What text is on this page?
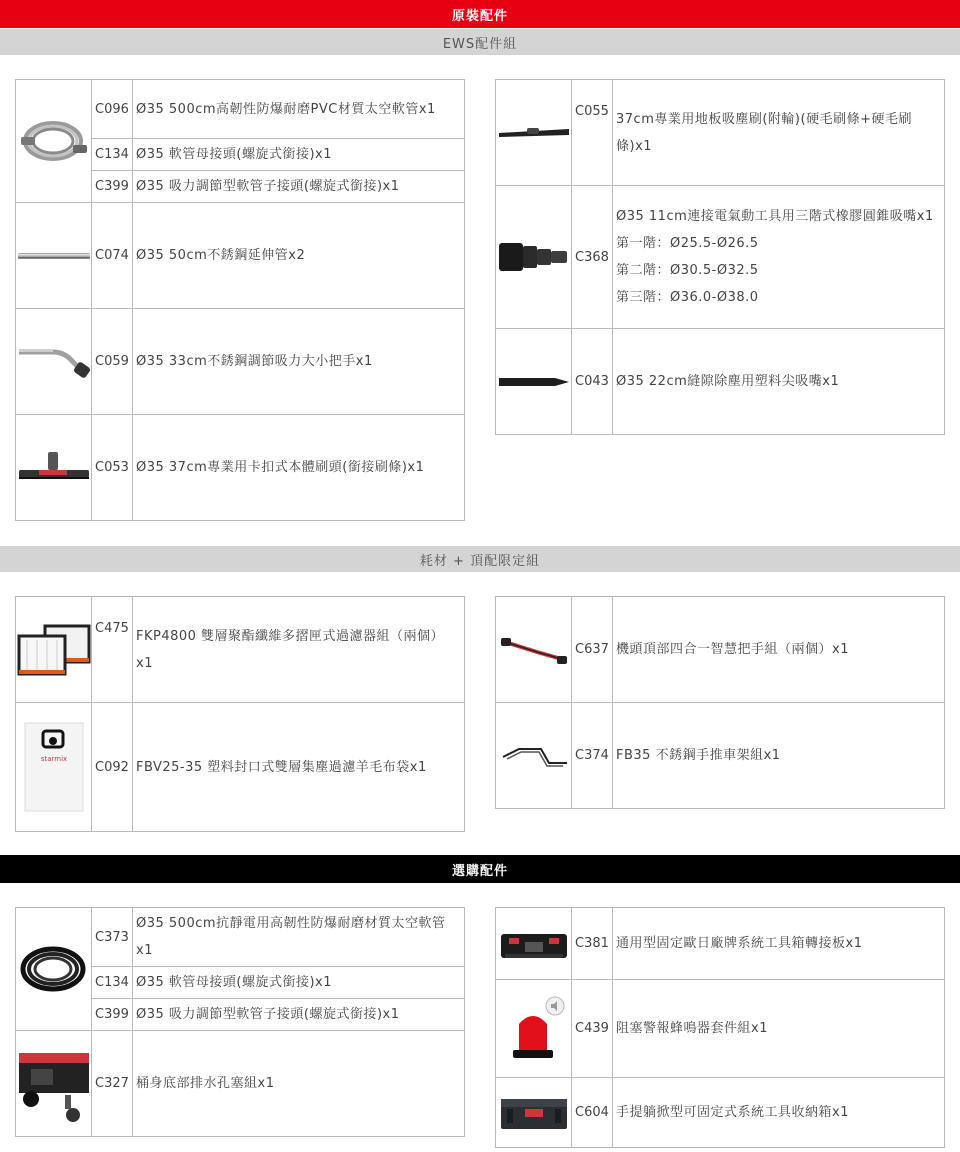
原裝配件
EWS配件組
	C096	Ø35 500cm高韌性防爆耐磨PVC材質太空軟管x1
	C134	Ø35 軟管母接頭(螺旋式銜接)x1
	C399	Ø35 吸力調節型軟管子接頭(螺旋式銜接)x1

	C074	Ø35 50cm不銹鋼延伸管x2

	C059	Ø35 33cm不銹鋼調節吸力大小把手x1

	C053	Ø35 37cm專業用卡扣式本體刷頭(銜接刷條)x1
	C055	37cm專業用地板吸塵刷(附輪)(硬毛刷條+硬毛刷條)x1

	C368	Ø35 11cm連接電氣動工具用三階式橡膠圓錐吸嘴x1
第一階：Ø25.5-Ø26.5
第二階：Ø30.5-Ø32.5
第三階：Ø36.0-Ø38.0

	C043	Ø35 22cm縫隙除塵用塑料尖吸嘴x1
耗材 + 頂配限定組
	C475	FKP4800 雙層聚酯纖維多摺匣式過濾器組（兩個）x1

starmix	C092	FBV25-35 塑料封口式雙層集塵過濾羊毛布袋x1
	C637	機頭頂部四合一智慧把手組（兩個）x1

	C374	FB35 不銹鋼手推車架組x1
選購配件
	C373	Ø35 500cm抗靜電用高韌性防爆耐磨材質太空軟管x1
	C134	Ø35 軟管母接頭(螺旋式銜接)x1
	C399	Ø35 吸力調節型軟管子接頭(螺旋式銜接)x1

	C327	桶身底部排水孔塞組x1
	C381	通用型固定歐日廠牌系統工具箱轉接板x1

	C439	阻塞警報蜂鳴器套件組x1

	C604	手提躺掀型可固定式系統工具收納箱x1
